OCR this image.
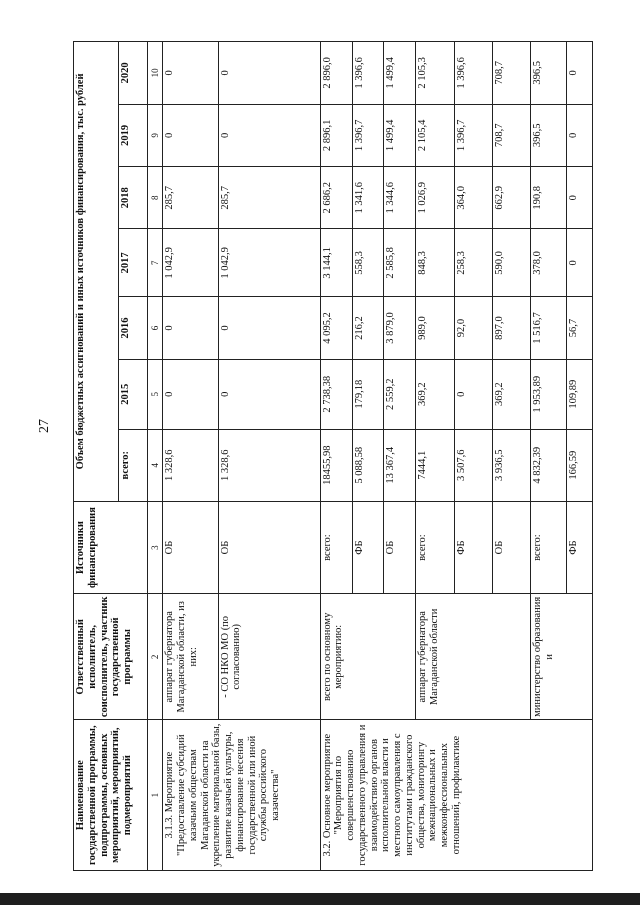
27
Наименование государственной программы, подпрограммы, основных мероприятий, мероприятий, подмероприятий	Ответственный исполнитель, соисполнитель, участник государственной программы	Источники финансирования	Объем бюджетных ассигнований и иных источников финансирования, тыс. рублей						
			всего:	2015	2016	2017	2018	2019	2020
1	2	3	4	5	6	7	8	9	10
3.1.3. Мероприятие "Предоставление субсидий казачьим обществам Магаданской области на укрепление материальной базы, развитие казачьей культуры, финансирование несения государственной или иной службы российского казачества"	аппарат губернатора Магаданской области, из них:	ОБ	1 328,6	0	0	1 042,9	285,7	0	0
	- СО НКО МО (по согласованию)	ОБ	1 328,6	0	0	1 042,9	285,7	0	0
3.2. Основное мероприятие "Мероприятия по совершенствованию государственного управления и взаимодействию органов исполнительной власти и местного самоуправления с институтами гражданского общества, мониторингу межнациональных и межконфессиональных отношений, профилактике	всего по основному мероприятию:	всего:	18455,98	2 738,38	4 095,2	3 144,1	2 686,2	2 896,1	2 896,0
		ФБ	5 088,58	179,18	216,2	558,3	1 341,6	1 396,7	1 396,6
		ОБ	13 367,4	2 559,2	3 879,0	2 585,8	1 344,6	1 499,4	1 499,4
	аппарат губернатора Магаданской области	всего:	7444,1	369,2	989,0	848,3	1 026,9	2 105,4	2 105,3
		ФБ	3 507,6	0	92,0	258,3	364,0	1 396,7	1 396,6
		ОБ	3 936,5	369,2	897,0	590,0	662,9	708,7	708,7
	министерство образования и	всего:	4 832,39	1 953,89	1 516,7	378,0	190,8	396,5	396,5
		ФБ	166,59	109,89	56,7	0	0	0	0
